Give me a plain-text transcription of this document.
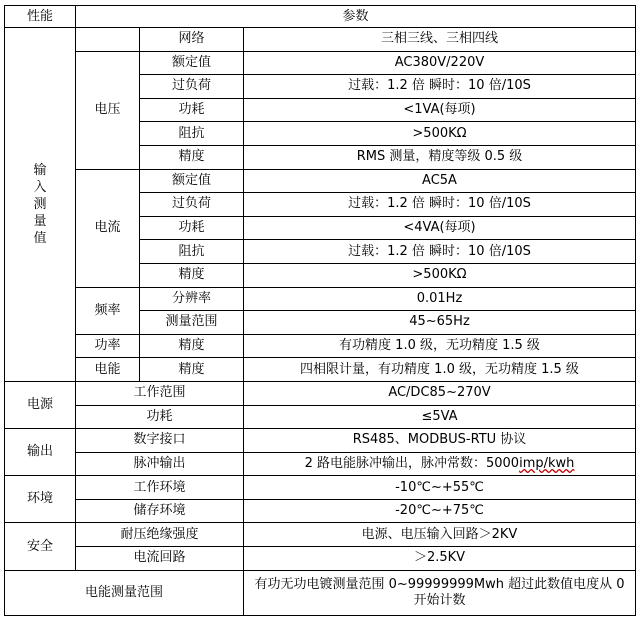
性能	参数		
输入测量值		网络	三相三线、三相四线
	电压	额定值	AC380V/220V
		过负荷	过载：1.2 倍 瞬时：10 倍/10S
		功耗	<1VA(每项)
		阻抗	>500KΩ
		精度	RMS 测量，精度等级 0.5 级
	电流	额定值	AC5A
		过负荷	过载：1.2 倍 瞬时：10 倍/10S
		功耗	<4VA(每项)
		阻抗	过载：1.2 倍 瞬时：10 倍/10S
		精度	>500KΩ
	频率	分辨率	0.01Hz
		测量范围	45~65Hz
	功率	精度	有功精度 1.0 级，无功精度 1.5 级
	电能	精度	四相限计量，有功精度 1.0 级，无功精度 1.5 级
电源	工作范围		AC/DC85~270V
	功耗		≤5VA
输出	数字接口		RS485、MODBUS-RTU 协议
	脉冲输出		2 路电能脉冲输出，脉冲常数：5000imp/kwh
环境	工作环境		-10℃~+55℃
	储存环境		-20℃~+75℃
安全	耐压绝缘强度		电源、电压输入回路＞2KV
	电流回路		＞2.5KV
电能测量范围			有功无功电镀测量范围 0~99999999Mwh 超过此数值电度从 0 开始计数
